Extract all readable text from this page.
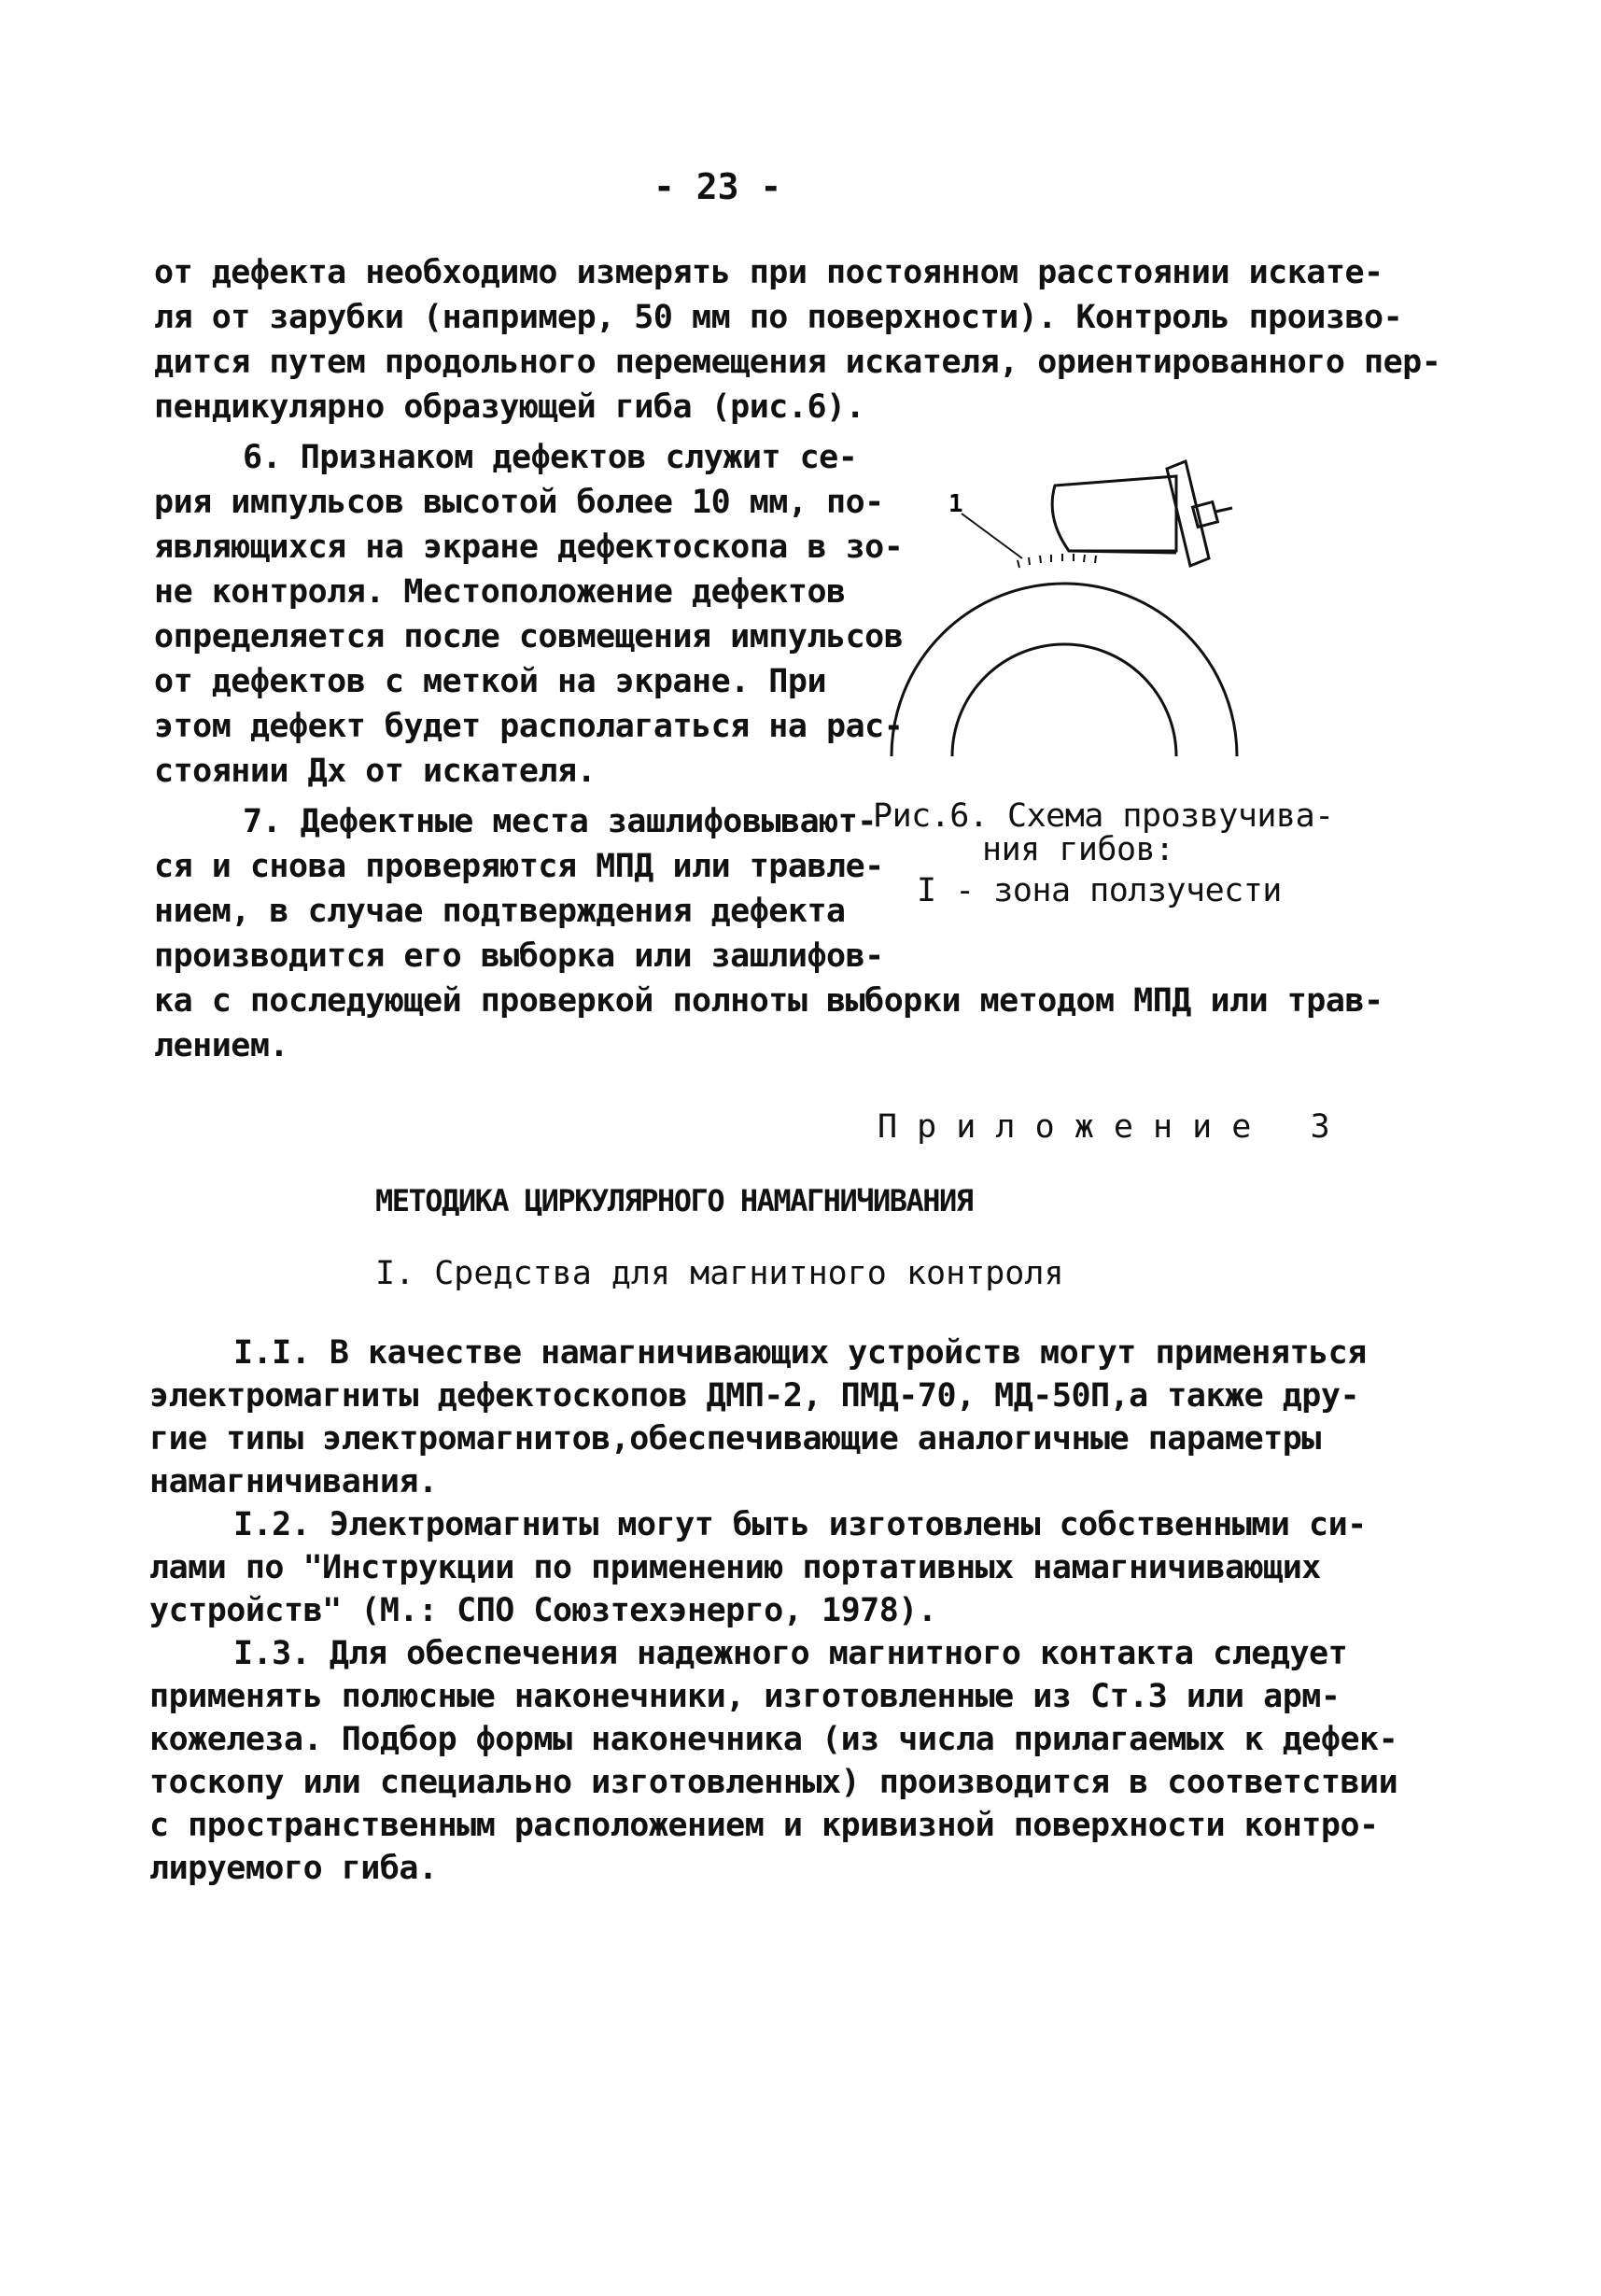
- 23 -
от дефекта необходимо измерять при постоянном расстоянии искате-
ля от зарубки (например, 50 мм по поверхности). Контроль произво-
дится путем продольного перемещения искателя, ориентированного пер-
пендикулярно образующей гиба (рис.6).
6. Признаком дефектов служит се-
рия импульсов высотой более 10 мм, по-
являющихся на экране дефектоскопа в зо-
не контроля. Местоположение дефектов
определяется после совмещения импульсов
от дефектов с меткой на экране. При
этом дефект будет располагаться на рас-
стоянии Дх от искателя.
7. Дефектные места зашлифовывают-
ся и снова проверяются МПД или травле-
нием, в случае подтверждения дефекта
производится его выборка или зашлифов-
ка с последующей проверкой полноты выборки методом МПД или трав-
лением.
1
Рис.6. Схема прозвучива-
ния гибов:
I - зона ползучести
П р и л о ж е н и е   3
МЕТОДИКА ЦИРКУЛЯРНОГО НАМАГНИЧИВАНИЯ
I. Средства для магнитного контроля
I.I. В качестве намагничивающих устройств могут применяться
электромагниты дефектоскопов ДМП-2, ПМД-70, МД-50П,а также дру-
гие типы электромагнитов,обеспечивающие аналогичные параметры
намагничивания.
I.2. Электромагниты могут быть изготовлены собственными си-
лами по "Инструкции по применению портативных намагничивающих
устройств" (М.: СПО Союзтехэнерго, 1978).
I.3. Для обеспечения надежного магнитного контакта следует
применять полюсные наконечники, изготовленные из Ст.3 или арм-
кожелеза. Подбор формы наконечника (из числа прилагаемых к дефек-
тоскопу или специально изготовленных) производится в соответствии
с пространственным расположением и кривизной поверхности контро-
лируемого гиба.
